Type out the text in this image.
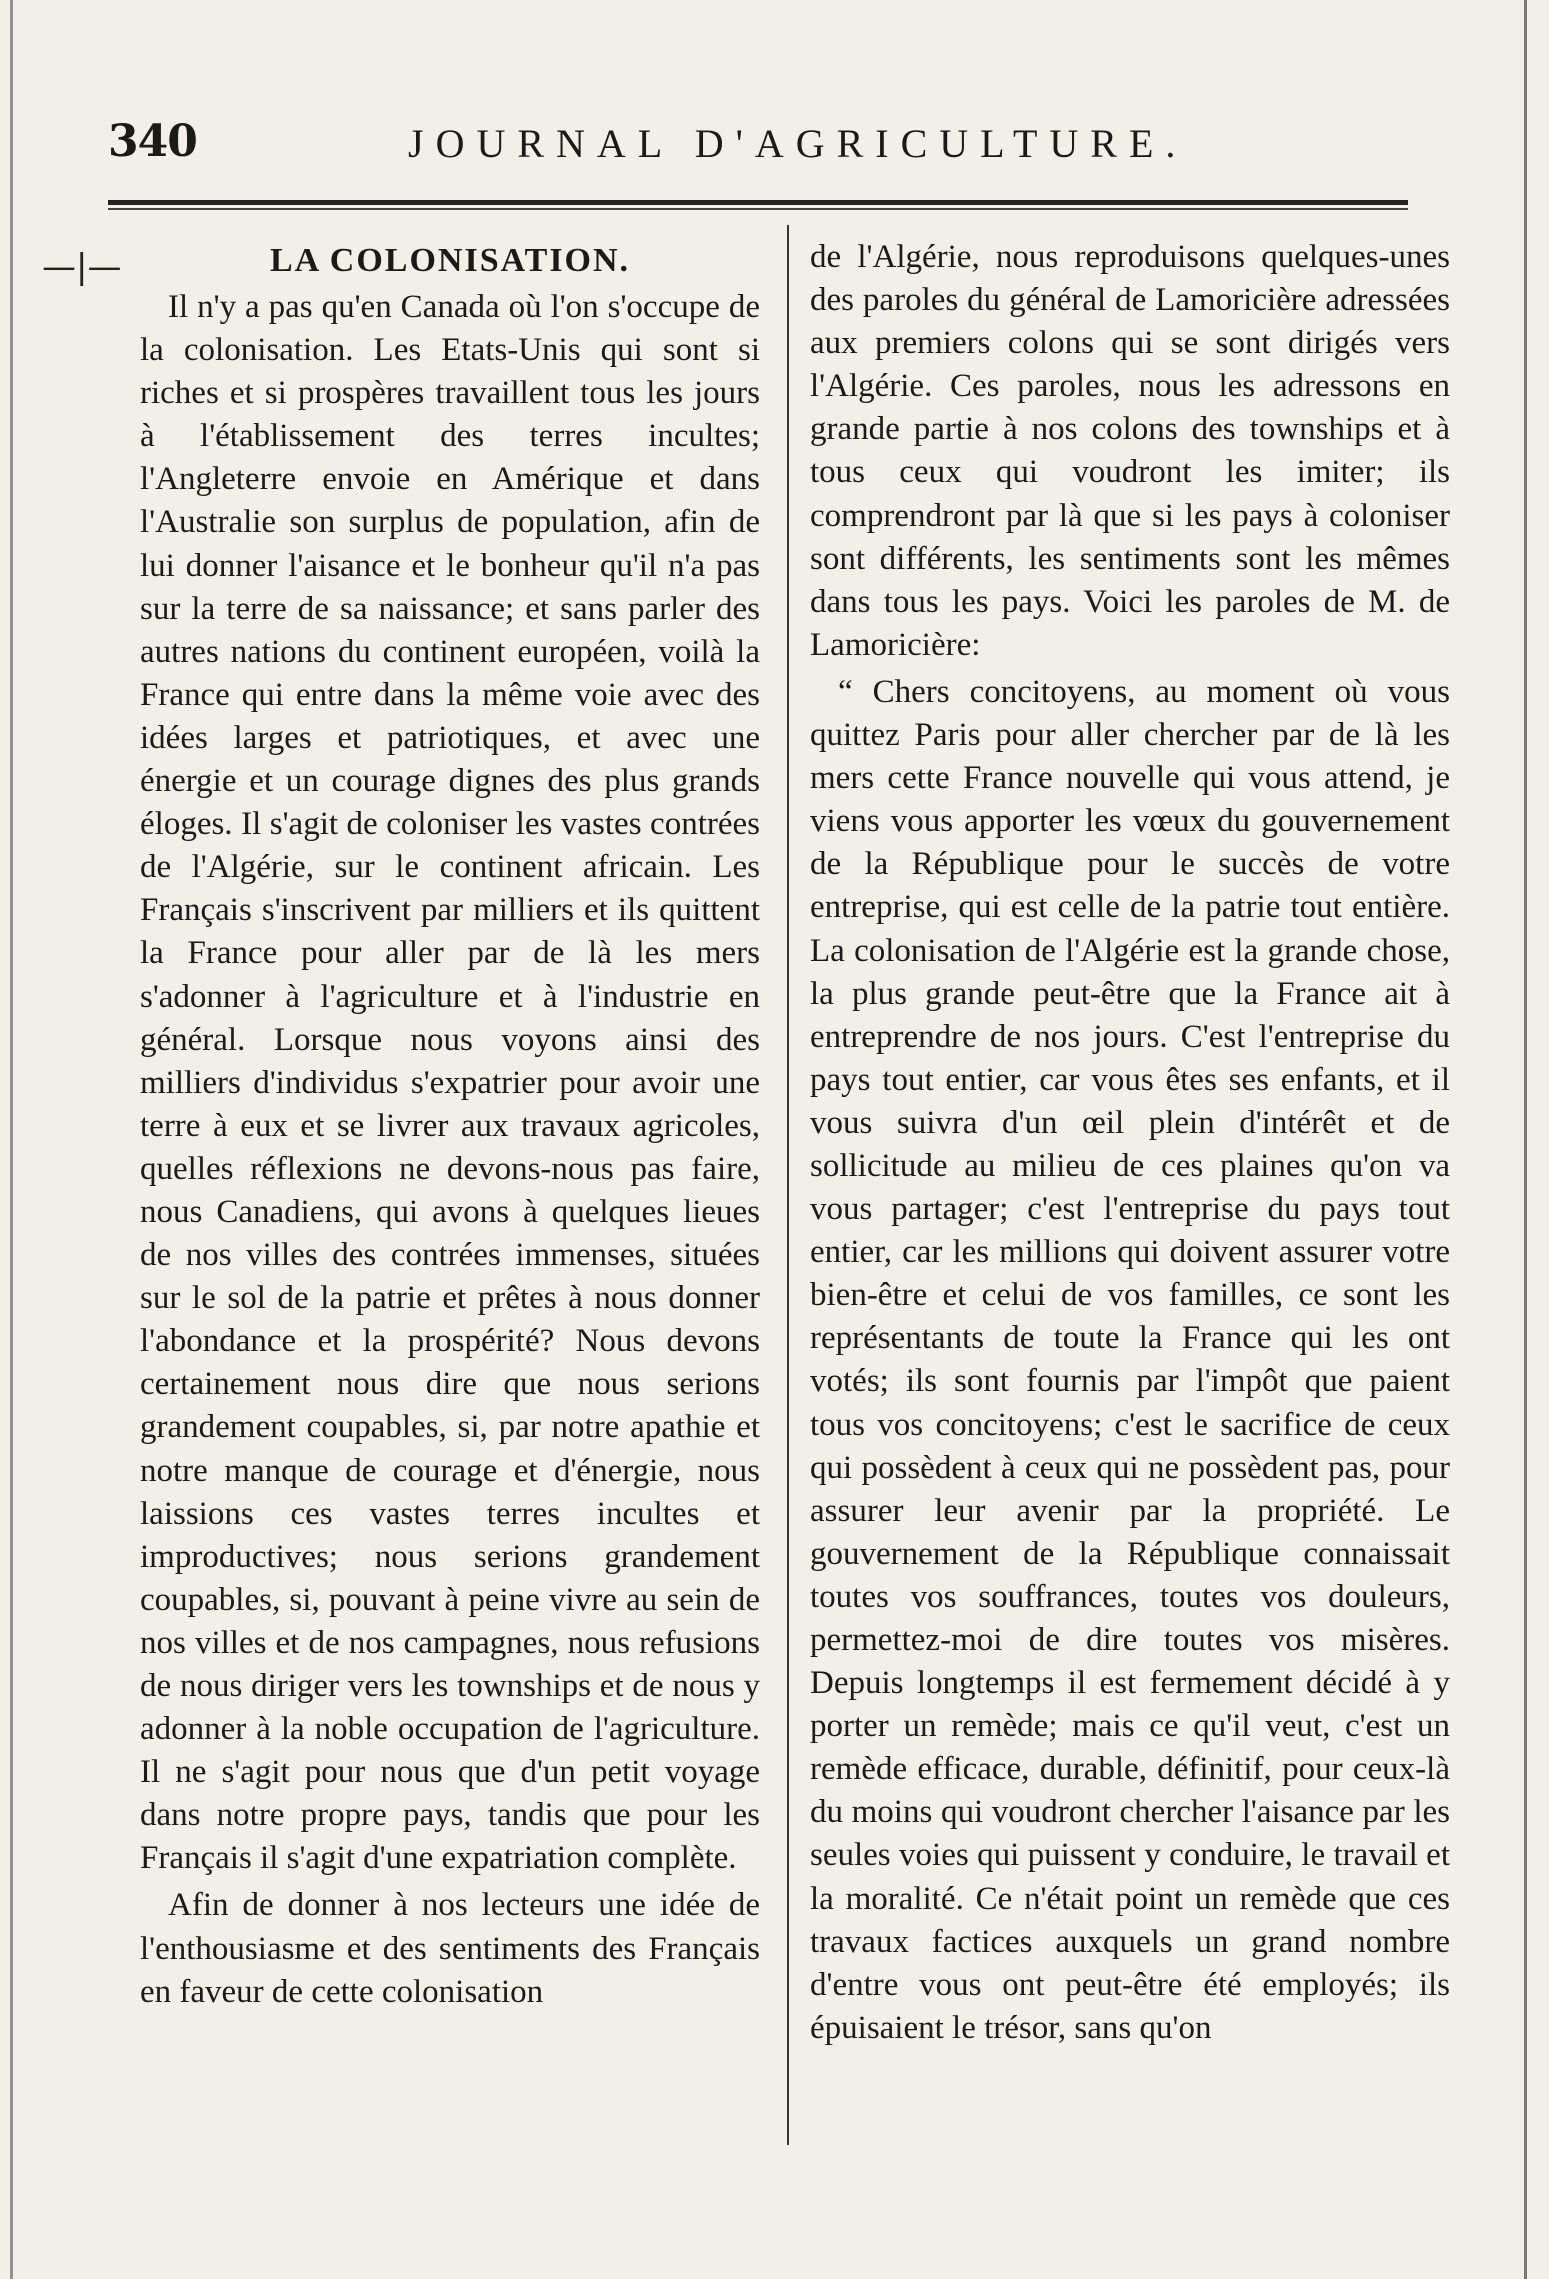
340	JOURNAL D'AGRICULTURE.
—|—	LA COLONISATION.

Il n'y a pas qu'en Canada où l'on s'occupe de la colonisation. Les Etats-Unis qui sont si riches et si prospères travaillent tous les jours à l'établissement des terres incultes; l'Angleterre envoie en Amérique et dans l'Australie son surplus de population, afin de lui donner l'aisance et le bonheur qu'il n'a pas sur la terre de sa naissance; et sans parler des autres nations du continent européen, voilà la France qui entre dans la même voie avec des idées larges et patriotiques, et avec une énergie et un courage dignes des plus grands éloges. Il s'agit de coloniser les vastes contrées de l'Algérie, sur le continent africain. Les Français s'inscrivent par milliers et ils quittent la France pour aller par de là les mers s'adonner à l'agriculture et à l'industrie en général. Lorsque nous voyons ainsi des milliers d'individus s'expatrier pour avoir une terre à eux et se livrer aux travaux agricoles, quelles réflexions ne devons-nous pas faire, nous Canadiens, qui avons à quelques lieues de nos villes des contrées immenses, situées sur le sol de la patrie et prêtes à nous donner l'abondance et la prospérité? Nous devons certainement nous dire que nous serions grandement coupables, si, par notre apathie et notre manque de courage et d'énergie, nous laissions ces vastes terres incultes et improductives; nous serions grandement coupables, si, pouvant à peine vivre au sein de nos villes et de nos campagnes, nous refusions de nous diriger vers les townships et de nous y adonner à la noble occupation de l'agriculture. Il ne s'agit pour nous que d'un petit voyage dans notre propre pays, tandis que pour les Français il s'agit d'une expatriation complète.

Afin de donner à nos lecteurs une idée de l'enthousiasme et des sentiments des Français en faveur de cette colonisation

de l'Algérie, nous reproduisons quelques-unes des paroles du général de Lamoricière adressées aux premiers colons qui se sont dirigés vers l'Algérie. Ces paroles, nous les adressons en grande partie à nos colons des townships et à tous ceux qui voudront les imiter; ils comprendront par là que si les pays à coloniser sont différents, les sentiments sont les mêmes dans tous les pays. Voici les paroles de M. de Lamoricière:

“ Chers concitoyens, au moment où vous quittez Paris pour aller chercher par de là les mers cette France nouvelle qui vous attend, je viens vous apporter les vœux du gouvernement de la République pour le succès de votre entreprise, qui est celle de la patrie tout entière. La colonisation de l'Algérie est la grande chose, la plus grande peut-être que la France ait à entreprendre de nos jours. C'est l'entreprise du pays tout entier, car vous êtes ses enfants, et il vous suivra d'un œil plein d'intérêt et de sollicitude au milieu de ces plaines qu'on va vous partager; c'est l'entreprise du pays tout entier, car les millions qui doivent assurer votre bien-être et celui de vos familles, ce sont les représentants de toute la France qui les ont votés; ils sont fournis par l'impôt que paient tous vos concitoyens; c'est le sacrifice de ceux qui possèdent à ceux qui ne possèdent pas, pour assurer leur avenir par la propriété. Le gouvernement de la République connaissait toutes vos souffrances, toutes vos douleurs, permettez-moi de dire toutes vos misères. Depuis longtemps il est fermement décidé à y porter un remède; mais ce qu'il veut, c'est un remède efficace, durable, définitif, pour ceux-là du moins qui voudront chercher l'aisance par les seules voies qui puissent y conduire, le travail et la moralité. Ce n'était point un remède que ces travaux factices auxquels un grand nombre d'entre vous ont peut-être été employés; ils épuisaient le trésor, sans qu'on
